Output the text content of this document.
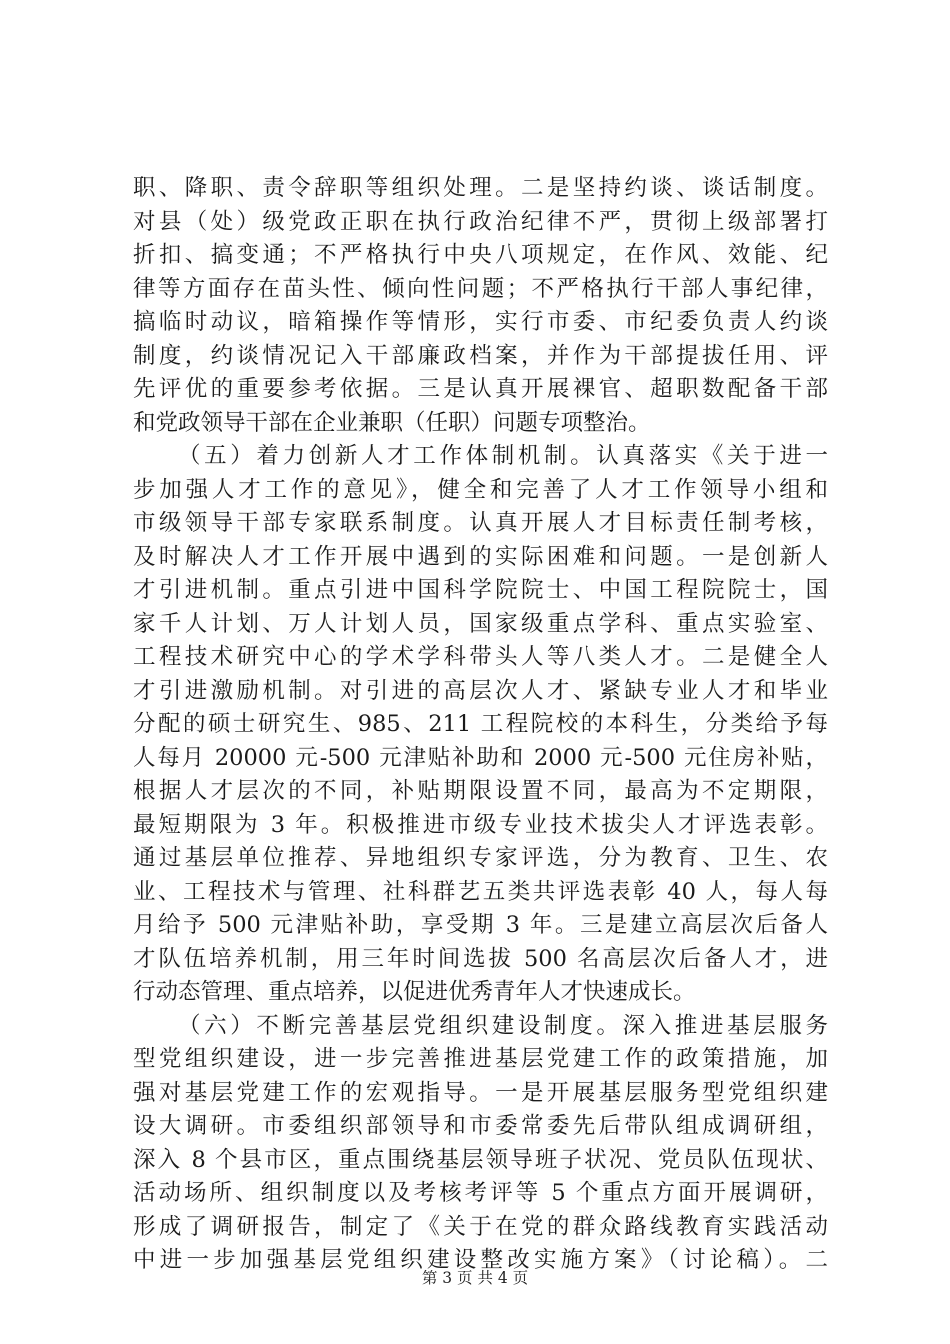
职、降职、责令辞职等组织处理。二是坚持约谈、谈话制度。
对县（处）级党政正职在执行政治纪律不严，贯彻上级部署打
折扣、搞变通；不严格执行中央八项规定，在作风、效能、纪
律等方面存在苗头性、倾向性问题；不严格执行干部人事纪律，
搞临时动议，暗箱操作等情形，实行市委、市纪委负责人约谈
制度，约谈情况记入干部廉政档案，并作为干部提拔任用、评
先评优的重要参考依据。三是认真开展裸官、超职数配备干部
和党政领导干部在企业兼职（任职）问题专项整治。
（五）着力创新人才工作体制机制。认真落实《关于进一
步加强人才工作的意见》，健全和完善了人才工作领导小组和
市级领导干部专家联系制度。认真开展人才目标责任制考核，
及时解决人才工作开展中遇到的实际困难和问题。一是创新人
才引进机制。重点引进中国科学院院士、中国工程院院士，国
家千人计划、万人计划人员，国家级重点学科、重点实验室、
工程技术研究中心的学术学科带头人等八类人才。二是健全人
才引进激励机制。对引进的高层次人才、紧缺专业人才和毕业
分配的硕士研究生、985、211 工程院校的本科生，分类给予每
人每月 20000 元-500 元津贴补助和 2000 元-500 元住房补贴，
根据人才层次的不同，补贴期限设置不同，最高为不定期限，
最短期限为 3 年。积极推进市级专业技术拔尖人才评选表彰。
通过基层单位推荐、异地组织专家评选，分为教育、卫生、农
业、工程技术与管理、社科群艺五类共评选表彰 40 人，每人每
月给予 500 元津贴补助，享受期 3 年。三是建立高层次后备人
才队伍培养机制，用三年时间选拔 500 名高层次后备人才，进
行动态管理、重点培养，以促进优秀青年人才快速成长。
（六）不断完善基层党组织建设制度。深入推进基层服务
型党组织建设，进一步完善推进基层党建工作的政策措施，加
强对基层党建工作的宏观指导。一是开展基层服务型党组织建
设大调研。市委组织部领导和市委常委先后带队组成调研组，
深入 8 个县市区，重点围绕基层领导班子状况、党员队伍现状、
活动场所、组织制度以及考核考评等 5 个重点方面开展调研，
形成了调研报告，制定了《关于在党的群众路线教育实践活动
中进一步加强基层党组织建设整改实施方案》（讨论稿）。二
第 3 页 共 4 页
